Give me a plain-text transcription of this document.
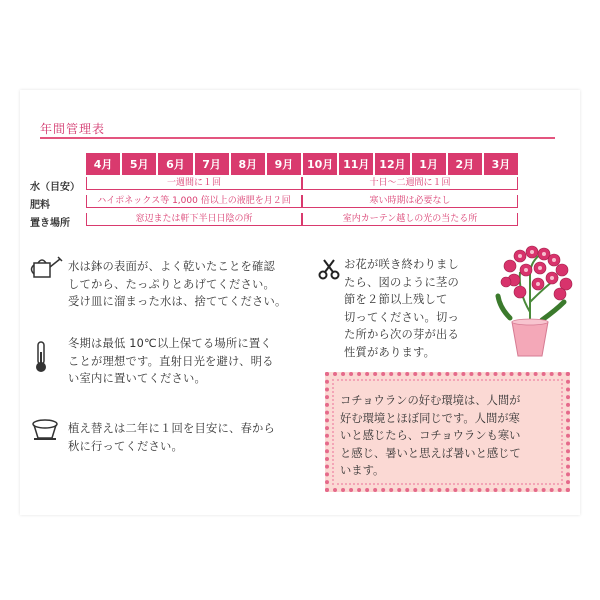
年間管理表
4月	5月	6月	7月	8月	9月	10月 11月 12月	1月	2月	3月
水（目安）	一週間に１回	十日〜二週間に１回
肥料	ハイポネックス等 1,000 倍以上の液肥を月２回	寒い時期は必要なし
置き場所	窓辺または軒下半日日陰の所	室内カーテン越しの光の当たる所
水は鉢の表面が、よく乾いたことを確認
してから、たっぷりとあげてください。
受け皿に溜まった水は、捨ててください。
冬期は最低 10℃以上保てる場所に置く
ことが理想です。直射日光を避け、明る
い室内に置いてください。
植え替えは二年に１回を目安に、春から
秋に行ってください。
お花が咲き終わりまし
たら、図のように茎の
節を２節以上残して
切ってください。切っ
た所から次の芽が出る
性質があります。
コチョウランの好む環境は、人間が
好む環境とほぼ同じです。人間が寒
いと感じたら、コチョウランも寒い
と感じ、暑いと思えば暑いと感じて
います。
